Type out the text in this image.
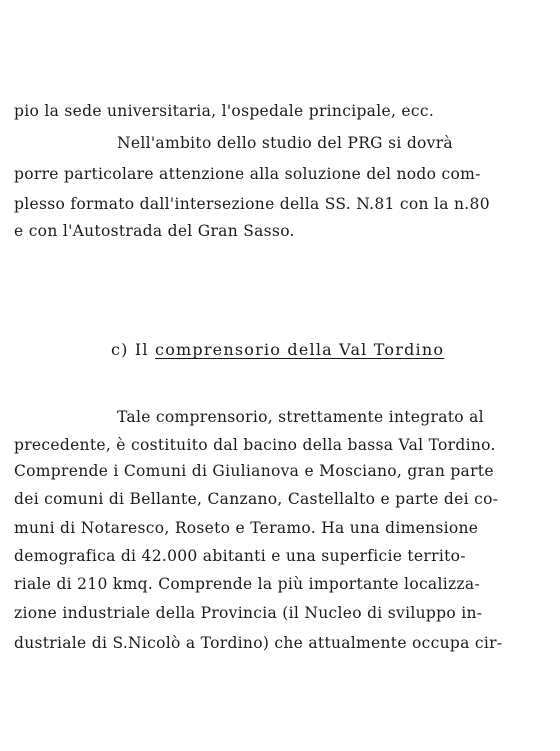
pio la sede universitaria, l'ospedale principale, ecc.
Nell'ambito dello studio del PRG si dovrà
porre particolare attenzione alla soluzione del nodo com-
plesso formato dall'intersezione della SS. N.81 con la n.80
e con l'Autostrada del Gran Sasso.
c) Il comprensorio della Val Tordino
Tale comprensorio, strettamente integrato al
precedente, è costituito dal bacino della bassa Val Tordino.
Comprende i Comuni di Giulianova e Mosciano, gran parte
dei comuni di Bellante, Canzano, Castellalto e parte dei co-
muni di Notaresco, Roseto e Teramo. Ha una dimensione
demografica di 42.000 abitanti e una superficie territo-
riale di 210 kmq. Comprende la più importante localizza-
zione industriale della Provincia (il Nucleo di sviluppo in-
dustriale di S.Nicolò a Tordino) che attualmente occupa cir-
